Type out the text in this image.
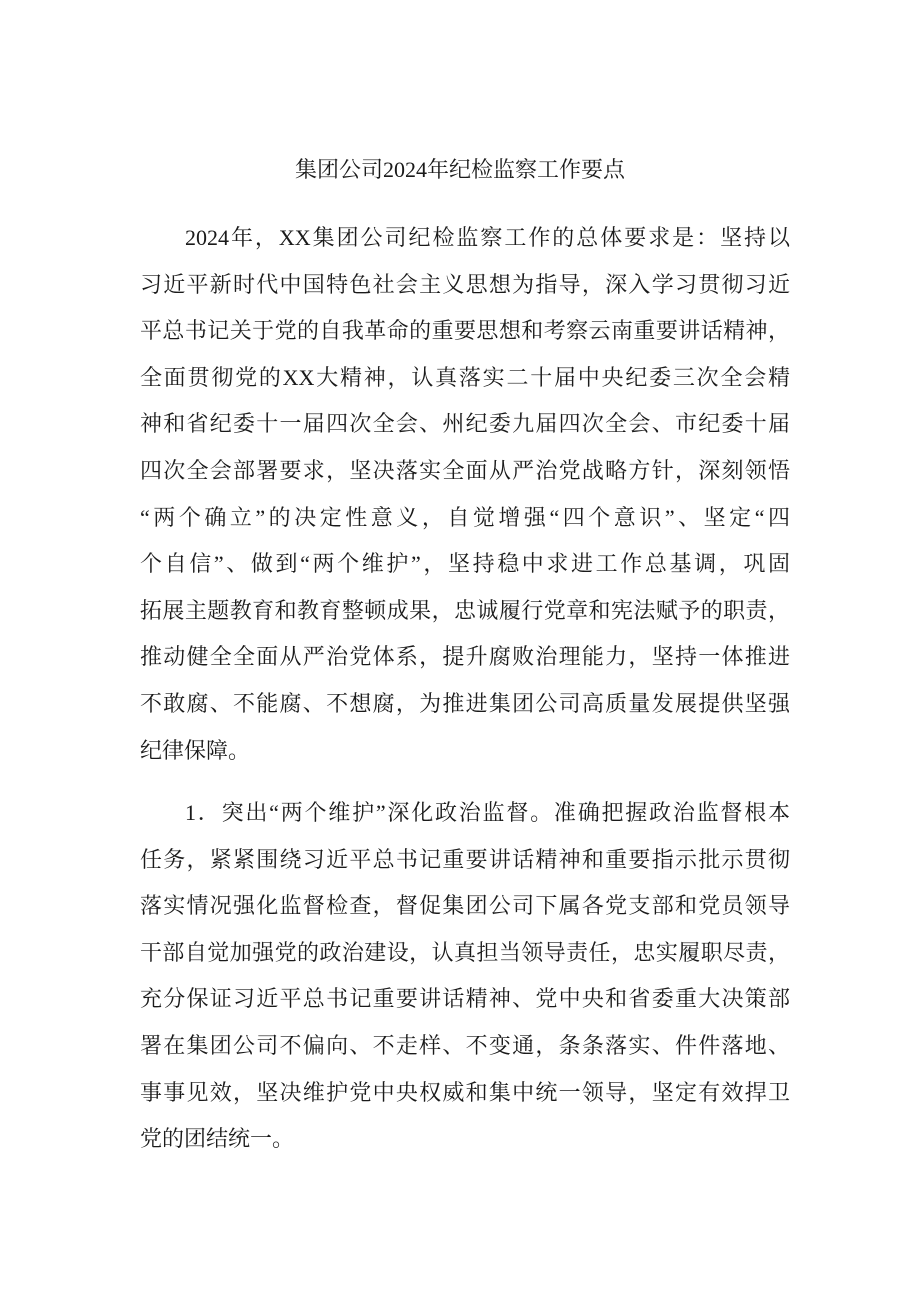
集团公司2024年纪检监察工作要点
2024年，XX集团公司纪检监察工作的总体要求是：坚持以
习近平新时代中国特色社会主义思想为指导，深入学习贯彻习近
平总书记关于党的自我革命的重要思想和考察云南重要讲话精神，
全面贯彻党的XX大精神，认真落实二十届中央纪委三次全会精
神和省纪委十一届四次全会、州纪委九届四次全会、市纪委十届
四次全会部署要求，坚决落实全面从严治党战略方针，深刻领悟
“两个确立”的决定性意义，自觉增强“四个意识”、坚定“四
个自信”、做到“两个维护”，坚持稳中求进工作总基调，巩固
拓展主题教育和教育整顿成果，忠诚履行党章和宪法赋予的职责，
推动健全全面从严治党体系，提升腐败治理能力，坚持一体推进
不敢腐、不能腐、不想腐，为推进集团公司高质量发展提供坚强
纪律保障。
1．突出“两个维护”深化政治监督。准确把握政治监督根本
任务，紧紧围绕习近平总书记重要讲话精神和重要指示批示贯彻
落实情况强化监督检查，督促集团公司下属各党支部和党员领导
干部自觉加强党的政治建设，认真担当领导责任，忠实履职尽责，
充分保证习近平总书记重要讲话精神、党中央和省委重大决策部
署在集团公司不偏向、不走样、不变通，条条落实、件件落地、
事事见效，坚决维护党中央权威和集中统一领导，坚定有效捍卫
党的团结统一。
